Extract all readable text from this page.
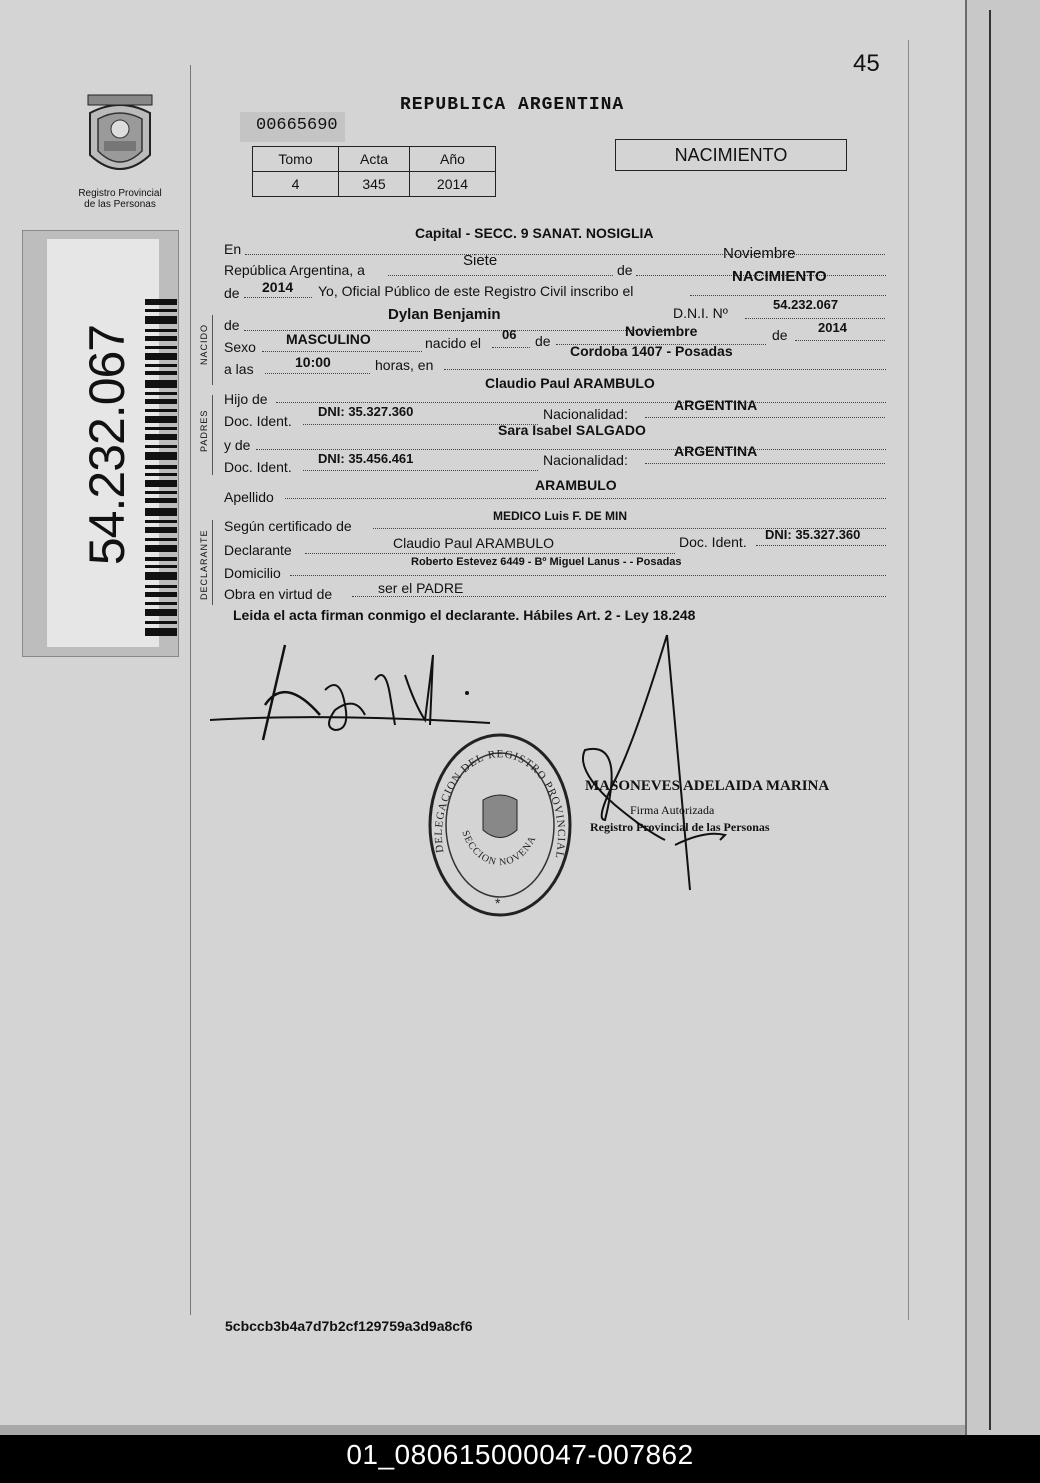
45
Registro Provincial
de las Personas
54.232.067
REPUBLICA ARGENTINA
00665690
Tomo	Acta	Año
4	345	2014
NACIMIENTO
NACIDO
PADRES
DECLARANTE
En
Capital - SECC. 9 SANAT. NOSIGLIA
República Argentina, a
Siete
de
Noviembre
de 2014 Yo, Oficial Público de este Registro Civil inscribo el
NACIMIENTO
de
Dylan Benjamin	D.N.I. Nº
54.232.067
Sexo MASCULINO	nacido el
06 de
Noviembre	de 2014
a las	10:00	horas, en
Cordoba 1407 - Posadas
Hijo de
Claudio Paul ARAMBULO
Doc. Ident.
DNI: 35.327.360	Nacionalidad:
ARGENTINA
y de
Sara Isabel SALGADO
Doc. Ident.
DNI: 35.456.461	Nacionalidad:
ARGENTINA
Apellido
ARAMBULO
Según certificado de
MEDICO Luis F. DE MIN
Declarante	Claudio Paul ARAMBULO	Doc. Ident. DNI: 35.327.360
Domicilio
Roberto Estevez 6449 - Bº Miguel Lanus - - Posadas
Obra en virtud de	ser el PADRE
Leida el acta firman conmigo el declarante. Hábiles Art. 2 - Ley 18.248
DELEGACION DEL REGISTRO PROVINCIAL DE LAS PERSONAS
SECCION NOVENA
*
MASONEVES ADELAIDA MARINA
Firma Autorizada
Registro Provincial de las Personas
5cbccb3b4a7d7b2cf129759a3d9a8cf6
01_080615000047-007862
